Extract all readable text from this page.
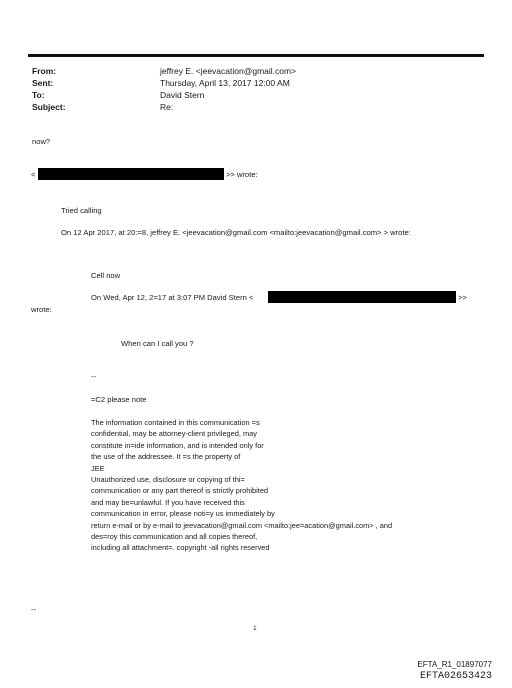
From:	jeffrey E. <jeevacation@gmail.com>
Sent:	Thursday, April 13, 2017 12:00 AM
To:	David Stern
Subject:	Re:
now?
<	>> wrote:
Tried calling
On 12 Apr 2017, at 20:=8, jeffrey E. <jeevacation@gmail.com <mailto:jeevacation@gmail.com> > wrote:
Cell now
On Wed, Apr 12, 2=17 at 3:07 PM David Stern <	>>
wrote:
When can I call you ?
--
=C2 please note
The information contained in this communication =s
confidential, may be attorney-client privileged, may
constitute in=ide information, and is intended only for
the use of the addressee. It =s the property of
JEE
Unauthorized use, disclosure or copying of thi=
communication or any part thereof is strictly prohibited
and may be=unlawful. If you have received this
communication in error, please noti=y us immediately by
return e-mail or by e-mail to jeevacation@gmail.com <mailto:jee=acation@gmail.com> , and
des=roy this communication and all copies thereof,
including all attachment=. copyright -all rights reserved
--
1
EFTA_R1_01897077
EFTA02653423
